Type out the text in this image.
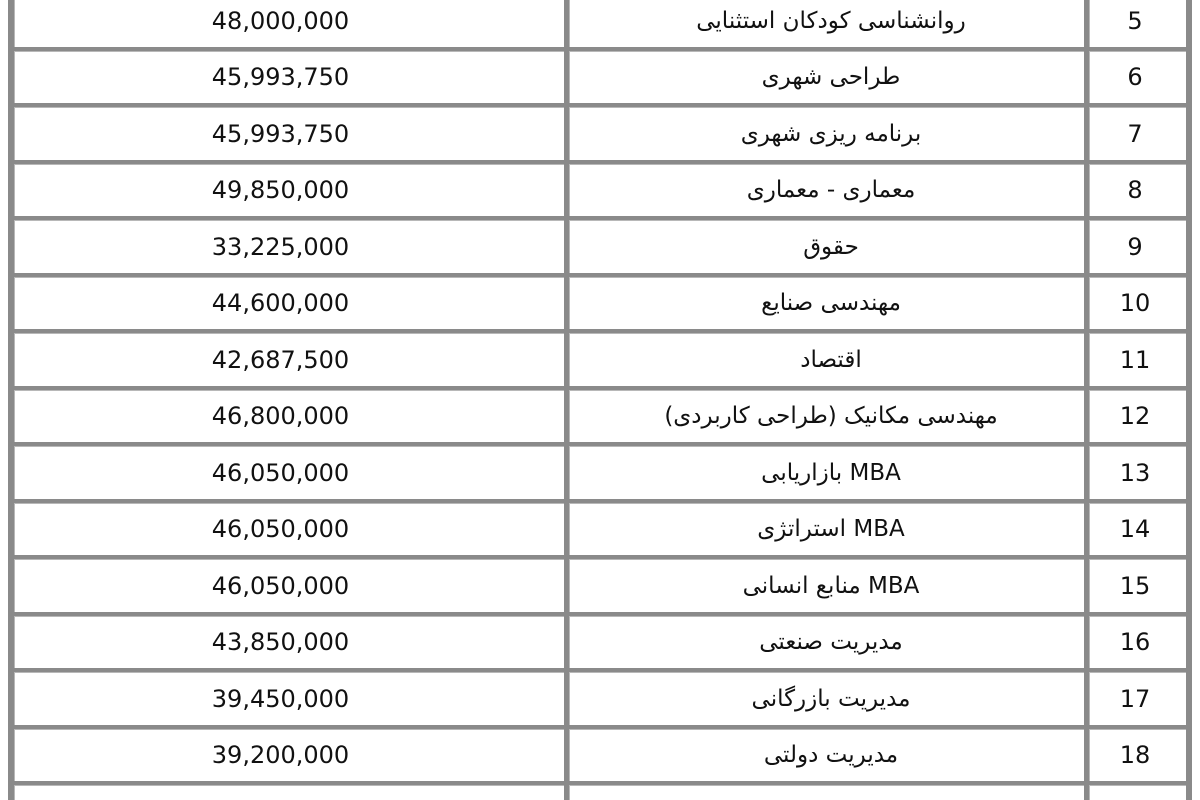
48,000,000	روانشناسی کودکان استثنایی	5
45,993,750	طراحی شهری	6
45,993,750	برنامه ریزی شهری	7
49,850,000	معماری - معماری	8
33,225,000	حقوق	9
44,600,000	مهندسی صنایع	10
42,687,500	اقتصاد	11
46,800,000	مهندسی مکانیک (طراحی کاربردی)	12
46,050,000	MBA بازاریابی	13
46,050,000	MBA استراتژی	14
46,050,000	MBA منابع انسانی	15
43,850,000	مدیریت صنعتی	16
39,450,000	مدیریت بازرگانی	17
39,200,000	مدیریت دولتی	18
